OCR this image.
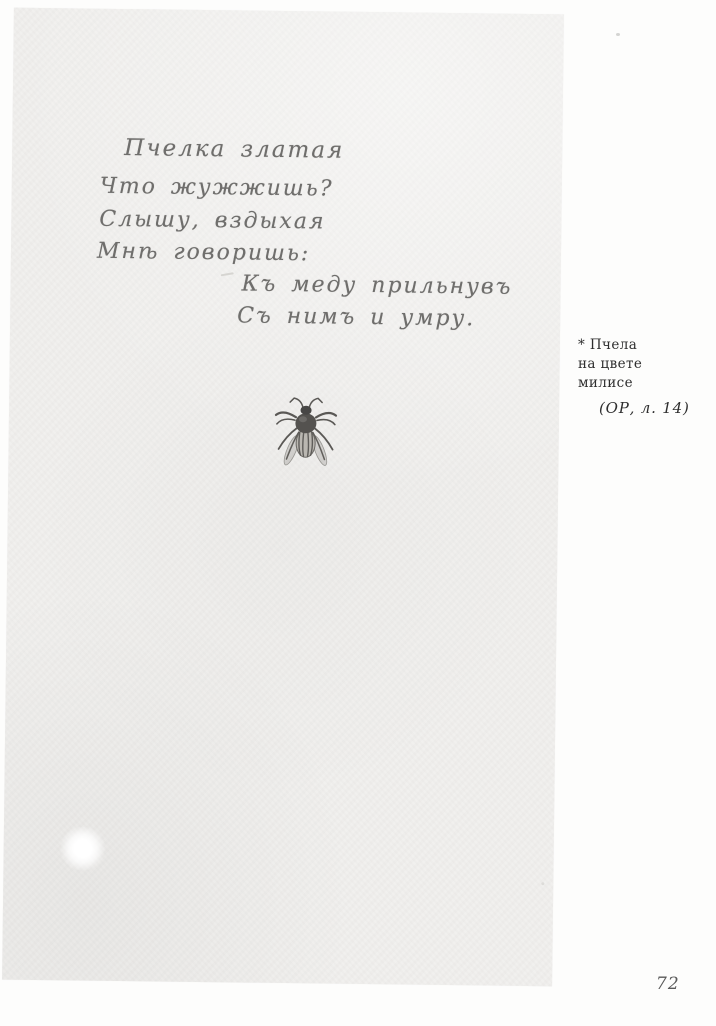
Пчелка златая
Что жужжишь?
Слышу, вздыхая
Мнѣ говоришь:
Къ меду прильнувъ
Съ нимъ и умру.
* Пчела
на цвете
милисе
(ОР, л. 14)
72
